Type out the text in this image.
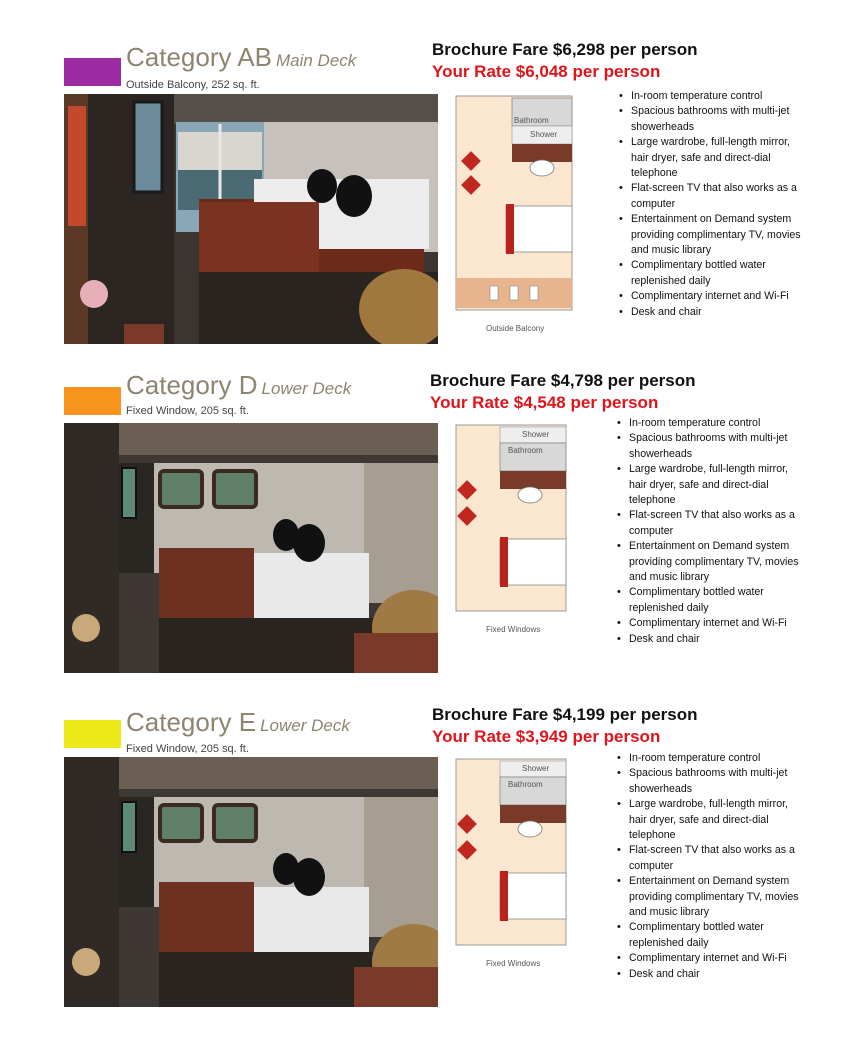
Category AB Main Deck
Outside Balcony, 252 sq. ft.
Brochure Fare $6,298 per person
Your Rate $6,048 per person
Bathroom
Shower
Outside Balcony
• In-room temperature control
• Spacious bathrooms with multi-jet showerheads
• Large wardrobe, full-length mirror, hair dryer, safe and direct-dial telephone
• Flat-screen TV that also works as a computer
• Entertainment on Demand system providing complimentary TV, movies and music library
• Complimentary bottled water replenished daily
• Complimentary internet and Wi-Fi
• Desk and chair
Category D Lower Deck
Fixed Window, 205 sq. ft.
Brochure Fare $4,798 per person
Your Rate $4,548 per person
Shower
Bathroom
Fixed Windows
• In-room temperature control
• Spacious bathrooms with multi-jet showerheads
• Large wardrobe, full-length mirror, hair dryer, safe and direct-dial telephone
• Flat-screen TV that also works as a computer
• Entertainment on Demand system providing complimentary TV, movies and music library
• Complimentary bottled water replenished daily
• Complimentary internet and Wi-Fi
• Desk and chair
Category E Lower Deck
Fixed Window, 205 sq. ft.
Brochure Fare $4,199 per person
Your Rate $3,949 per person
Shower
Bathroom
Fixed Windows
• In-room temperature control
• Spacious bathrooms with multi-jet showerheads
• Large wardrobe, full-length mirror, hair dryer, safe and direct-dial telephone
• Flat-screen TV that also works as a computer
• Entertainment on Demand system providing complimentary TV, movies and music library
• Complimentary bottled water replenished daily
• Complimentary internet and Wi-Fi
• Desk and chair
